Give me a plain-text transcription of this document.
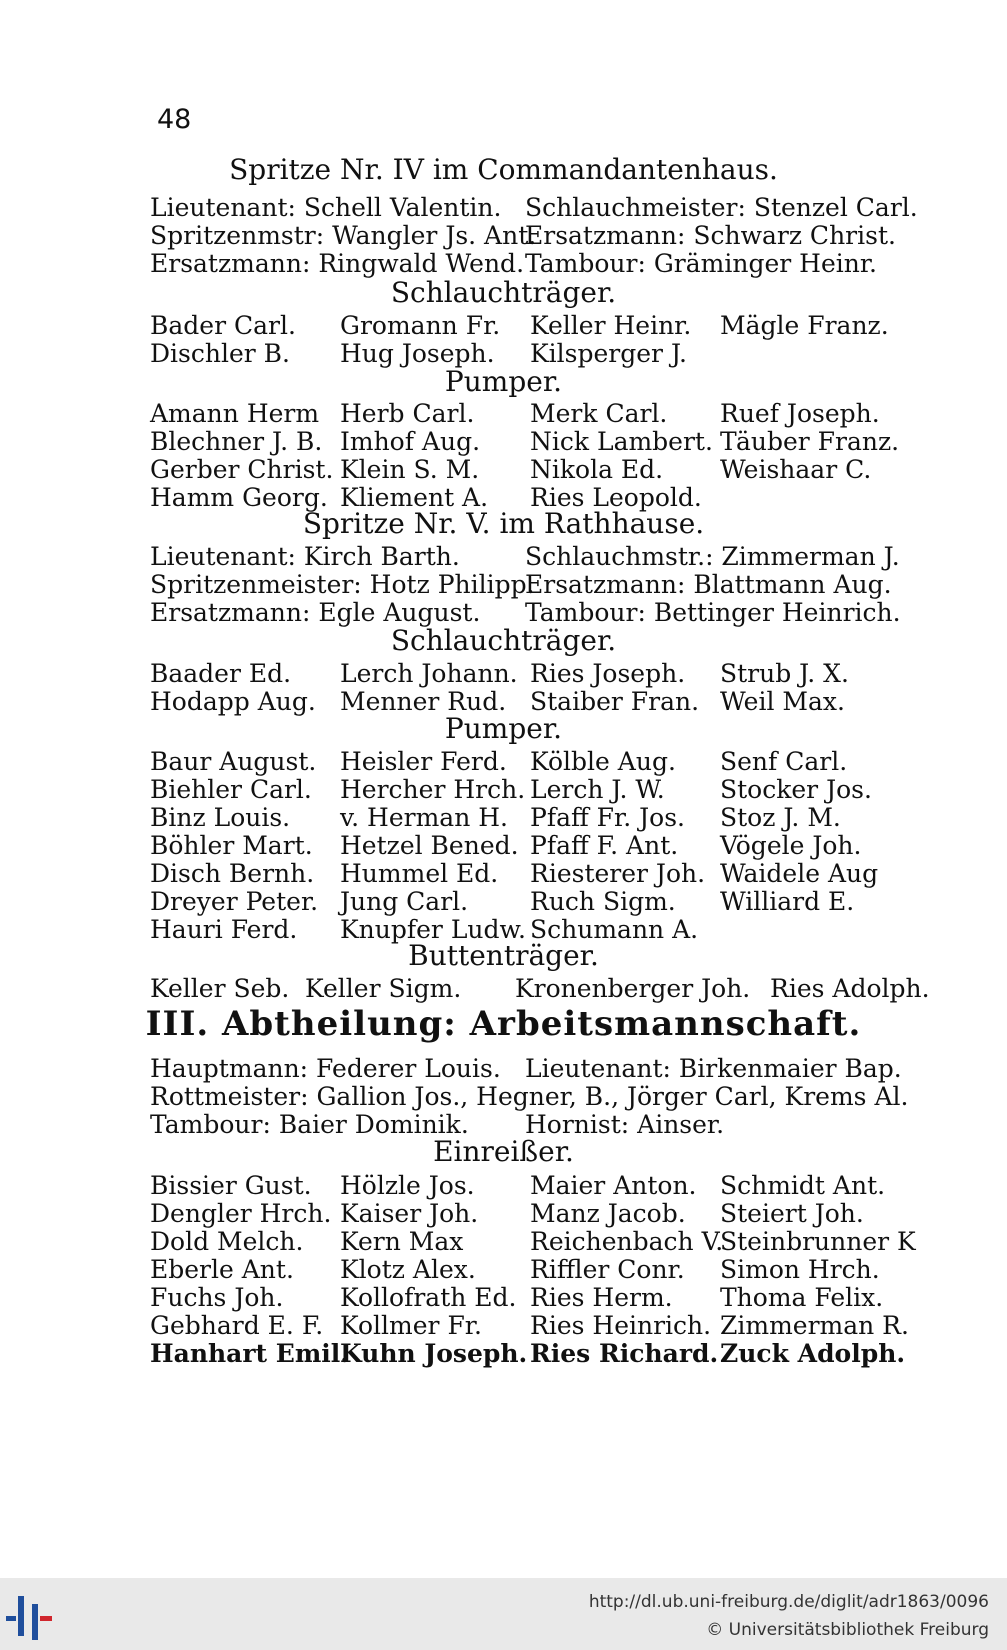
48
Spritze Nr. IV im Commandantenhaus.
Lieutenant: Schell Valentin. Schlauchmeister: Stenzel Carl.
Spritzenmstr: Wangler Js. Ant.Ersatzmann: Schwarz Christ.
Ersatzmann: Ringwald Wend.Tambour: Gräminger Heinr.
Schlauchträger.
Bader Carl. Gromann Fr. Keller Heinr. Mägle Franz.
Dischler B. Hug Joseph. Kilsperger J.
Pumper.
Amann Herm Herb Carl. Merk Carl. Ruef Joseph.
Blechner J. B. Imhof Aug. Nick Lambert. Täuber Franz.
Gerber Christ. Klein S. M. Nikola Ed. Weishaar C.
Hamm Georg. Kliement A. Ries Leopold.
Spritze Nr. V. im Rathhause.
Lieutenant: Kirch Barth.	Schlauchmstr.: Zimmerman J.
Spritzenmeister: Hotz Philipp.Ersatzmann: Blattmann Aug.
Ersatzmann: Egle August. Tambour: Bettinger Heinrich.
Schlauchträger.
Baader Ed. Lerch Johann. Ries Joseph. Strub J. X.
Hodapp Aug. Menner Rud. Staiber Fran. Weil Max.
Pumper.
Baur August. Heisler Ferd. Kölble Aug. Senf Carl.
Biehler Carl. Hercher Hrch. Lerch J. W. Stocker Jos.
Binz Louis. v. Herman H. Pfaff Fr. Jos. Stoz J. M.
Böhler Mart. Hetzel Bened. Pfaff F. Ant. Vögele Joh.
Disch Bernh. Hummel Ed. Riesterer Joh. Waidele Aug
Dreyer Peter. Jung Carl. Ruch Sigm. Williard E.
Hauri Ferd. Knupfer Ludw. Schumann A.
Buttenträger.
Keller Seb. Keller Sigm. Kronenberger Joh. Ries Adolph.
III. Abtheilung: Arbeitsmannschaft.
Hauptmann: Federer Louis. Lieutenant: Birkenmaier Bap.
Rottmeister: Gallion Jos., Hegner, B., Jörger Carl, Krems Al.
Tambour: Baier Dominik. Hornist: Ainser.
Einreißer.
Bissier Gust. Hölzle Jos. Maier Anton. Schmidt Ant.
Dengler Hrch. Kaiser Joh. Manz Jacob. Steiert Joh.
Dold Melch. Kern Max	Reichenbach V.Steinbrunner K
Eberle Ant. Klotz Alex. Riffler Conr. Simon Hrch.
Fuchs Joh. Kollofrath Ed. Ries Herm. Thoma Felix.
Gebhard E. F. Kollmer Fr. Ries Heinrich. Zimmerman R.
Hanhart Emil.Kuhn Joseph. Ries Richard.Zuck Adolph.
http://dl.ub.uni-freiburg.de/diglit/adr1863/0096
© Universitätsbibliothek Freiburg
